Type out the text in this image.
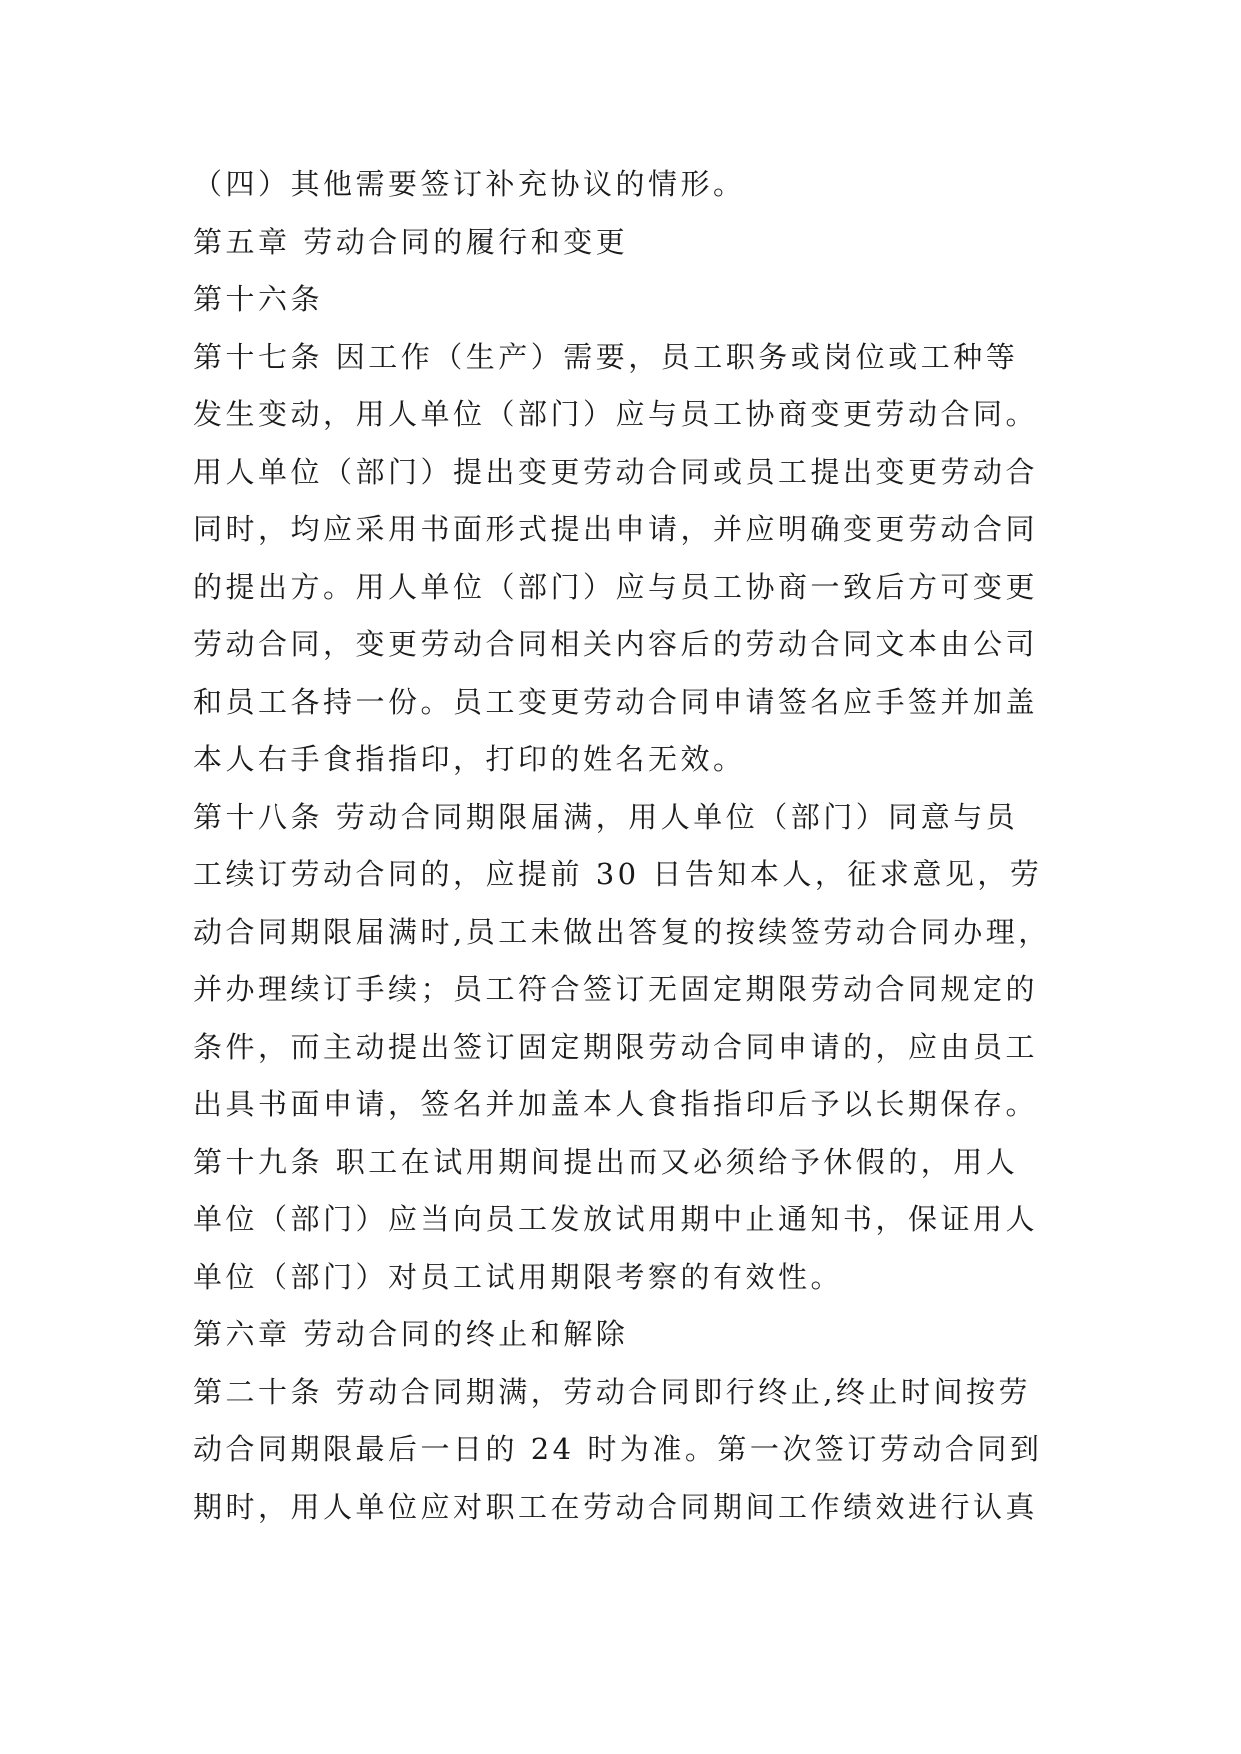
（四）其他需要签订补充协议的情形。
第五章 劳动合同的履行和变更
第十六条
第十七条 因工作（生产）需要，员工职务或岗位或工种等
发生变动，用人单位（部门）应与员工协商变更劳动合同。
用人单位（部门）提出变更劳动合同或员工提出变更劳动合
同时，均应采用书面形式提出申请，并应明确变更劳动合同
的提出方。用人单位（部门）应与员工协商一致后方可变更
劳动合同，变更劳动合同相关内容后的劳动合同文本由公司
和员工各持一份。员工变更劳动合同申请签名应手签并加盖
本人右手食指指印，打印的姓名无效。
第十八条 劳动合同期限届满，用人单位（部门）同意与员
工续订劳动合同的，应提前 30 日告知本人，征求意见，劳
动合同期限届满时,员工未做出答复的按续签劳动合同办理，
并办理续订手续；员工符合签订无固定期限劳动合同规定的
条件，而主动提出签订固定期限劳动合同申请的，应由员工
出具书面申请，签名并加盖本人食指指印后予以长期保存。
第十九条 职工在试用期间提出而又必须给予休假的，用人
单位（部门）应当向员工发放试用期中止通知书，保证用人
单位（部门）对员工试用期限考察的有效性。
第六章 劳动合同的终止和解除
第二十条 劳动合同期满，劳动合同即行终止,终止时间按劳
动合同期限最后一日的 24 时为准。第一次签订劳动合同到
期时，用人单位应对职工在劳动合同期间工作绩效进行认真
